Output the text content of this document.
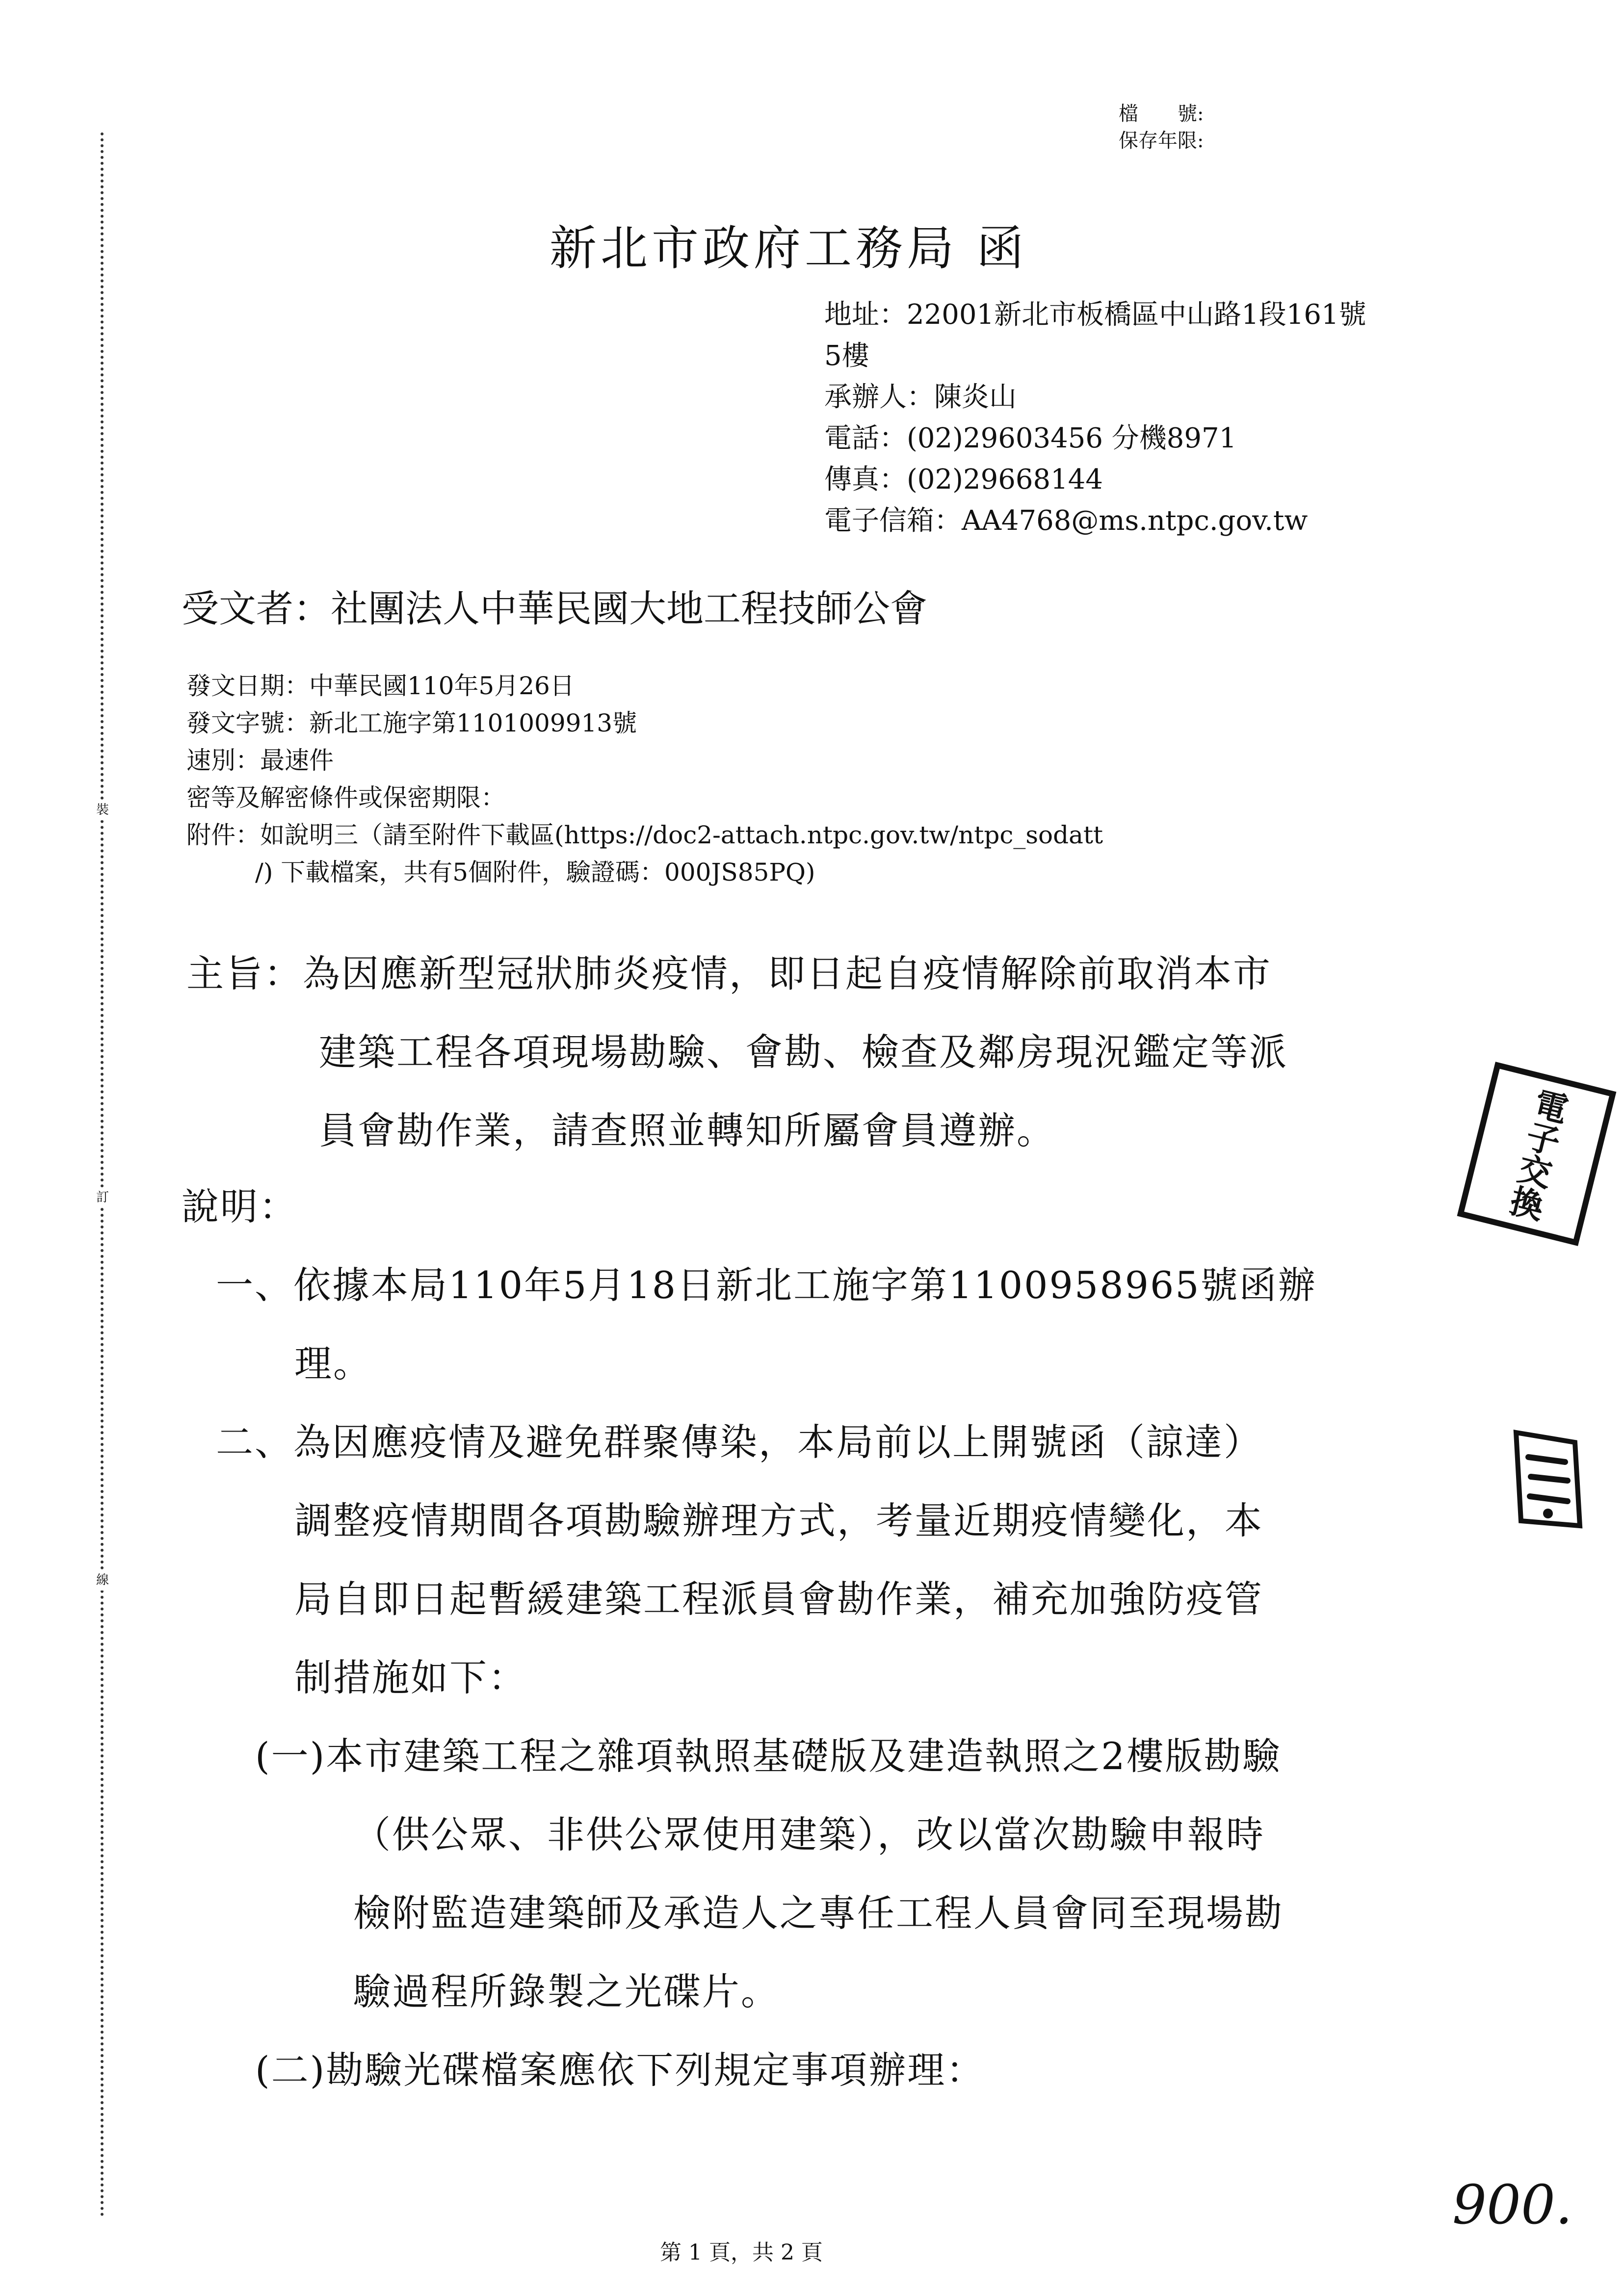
裝
訂
線
檔　　號:
保存年限:
新北市政府工務局 函
地址：22001新北市板橋區中山路1段161號
5樓
承辦人：陳炎山
電話：(02)29603456 分機8971
傳真：(02)29668144
電子信箱：AA4768@ms.ntpc.gov.tw
受文者：社團法人中華民國大地工程技師公會
發文日期：中華民國110年5月26日
發文字號：新北工施字第1101009913號
速別：最速件
密等及解密條件或保密期限：
附件：如說明三（請至附件下載區(https://doc2-attach.ntpc.gov.tw/ntpc_sodatt
/) 下載檔案，共有5個附件，驗證碼：000JS85PQ)
主旨：為因應新型冠狀肺炎疫情，即日起自疫情解除前取消本市
建築工程各項現場勘驗、會勘、檢查及鄰房現況鑑定等派
員會勘作業，請查照並轉知所屬會員遵辦。
說明：
一、依據本局110年5月18日新北工施字第1100958965號函辦
理。
二、為因應疫情及避免群聚傳染，本局前以上開號函（諒達）
調整疫情期間各項勘驗辦理方式，考量近期疫情變化，本
局自即日起暫緩建築工程派員會勘作業，補充加強防疫管
制措施如下：
(一)本市建築工程之雜項執照基礎版及建造執照之2樓版勘驗
（供公眾、非供公眾使用建築），改以當次勘驗申報時
檢附監造建築師及承造人之專任工程人員會同至現場勘
驗過程所錄製之光碟片。
(二)勘驗光碟檔案應依下列規定事項辦理：
電子交換
900.
第 1 頁，共 2 頁
